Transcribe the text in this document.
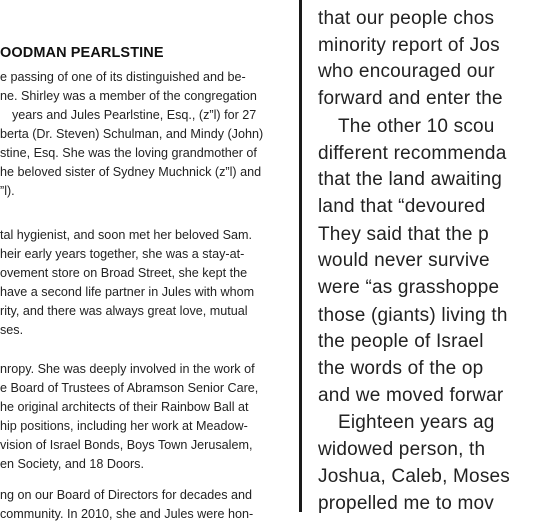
OODMAN PEARLSTINE
e passing of one of its distinguished and be-
ne. Shirley was a member of the congregation
years and Jules Pearlstine, Esq., (z”l) for 27
berta (Dr. Steven) Schulman, and Mindy (John)
stine, Esq. She was the loving grandmother of
he beloved sister of Sydney Muchnick (z”l) and
”l).
tal hygienist, and soon met her beloved Sam.
heir early years together, she was a stay-at-
ovement store on Broad Street, she kept the
have a second life partner in Jules with whom
rity, and there was always great love, mutual
ses.
nropy. She was deeply involved in the work of
e Board of Trustees of Abramson Senior Care,
he original architects of their Rainbow Ball at
hip positions, including her work at Meadow-
vision of Israel Bonds, Boys Town Jerusalem,
en Society, and 18 Doors.
ng on our Board of Directors for decades and
community. In 2010, she and Jules were hon-
that our people chos
minority report of Jos
who encouraged our
forward and enter the
The other 10 scou
different recommenda
that the land awaiting
land that “devoured
They said that the p
would never survive
were “as grasshoppe
those (giants) living th
the people of Israel
the words of the op
and we moved forwar
Eighteen years ag
widowed person, th
Joshua, Caleb, Moses
propelled me to mov
